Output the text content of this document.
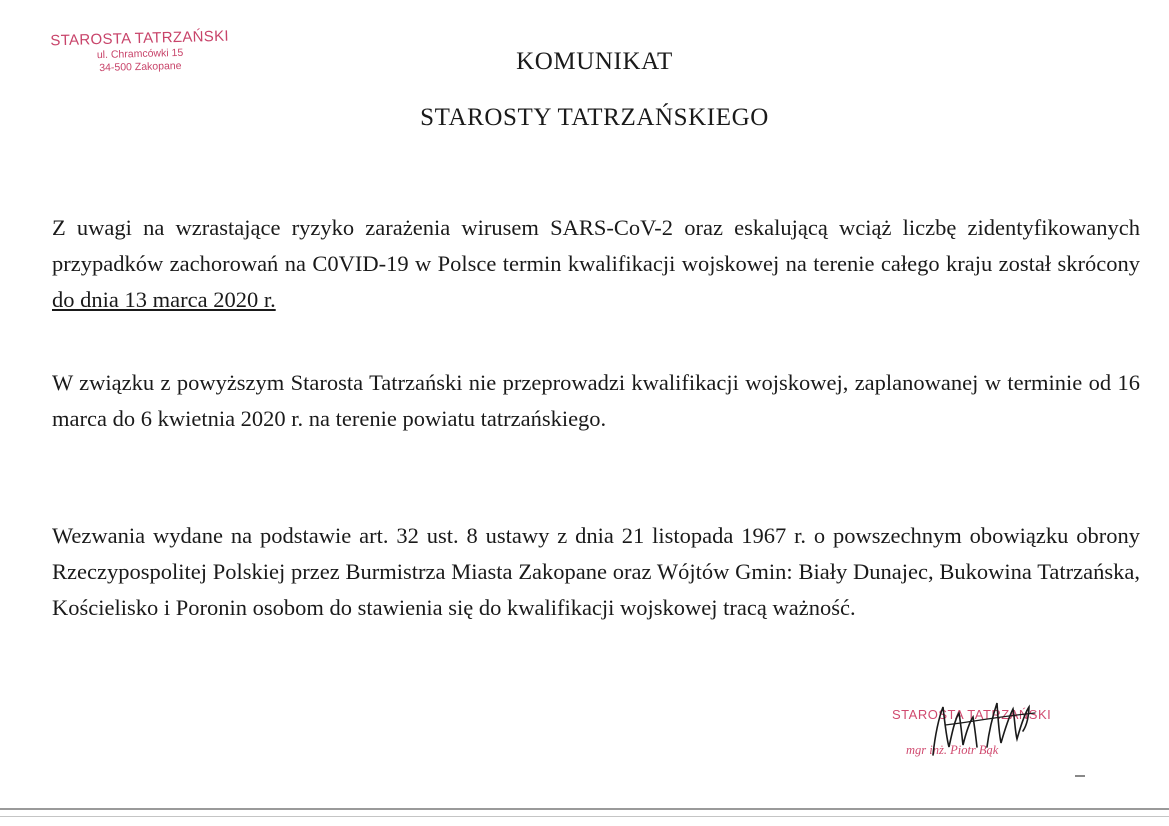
STAROSTA TATRZAŃSKI
ul. Chramcówki 15
34-500 Zakopane	KOMUNIKAT
STAROSTY TATRZAŃSKIEGO
Z uwagi na wzrastające ryzyko zarażenia wirusem SARS-CoV-2 oraz eskalującą wciąż liczbę zidentyfikowanych przypadków zachorowań na C0VID-19 w Polsce termin kwalifikacji wojskowej na terenie całego kraju został skrócony do dnia 13 marca 2020 r.
W związku z powyższym Starosta Tatrzański nie przeprowadzi kwalifikacji wojskowej, zaplanowanej w terminie od 16 marca do 6 kwietnia 2020 r. na terenie powiatu tatrzańskiego.
Wezwania wydane na podstawie art. 32 ust. 8 ustawy z dnia 21 listopada 1967 r. o powszechnym obowiązku obrony Rzeczypospolitej Polskiej przez Burmistrza Miasta Zakopane oraz Wójtów Gmin: Biały Dunajec, Bukowina Tatrzańska, Kościelisko i Poronin osobom do stawienia się do kwalifikacji wojskowej tracą ważność.
STAROSTA TATRZAŃSKI
mgr inż. Piotr Bąk
